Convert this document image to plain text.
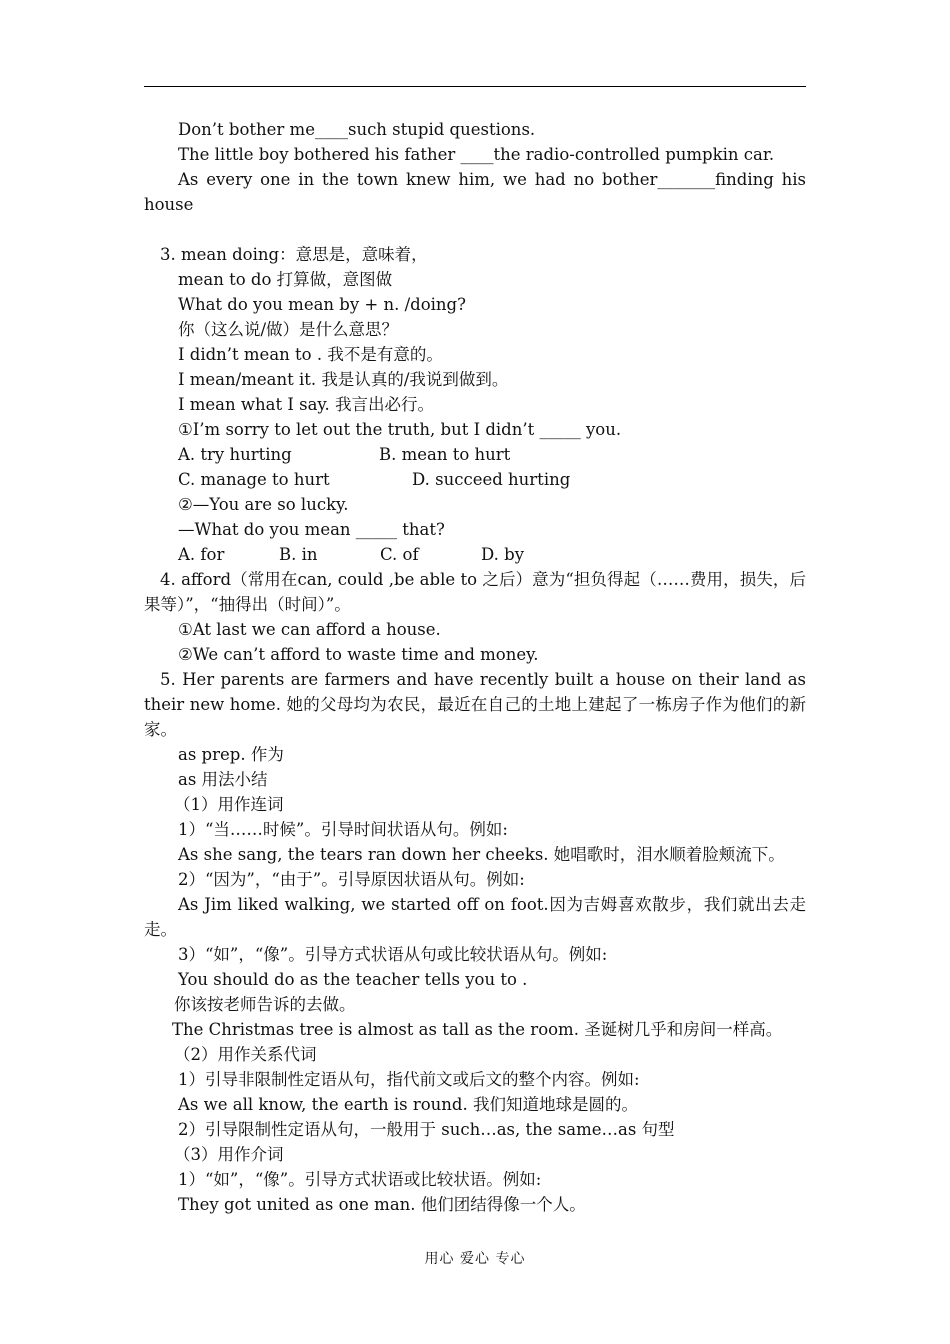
Don’t bother me____such stupid questions.

The little boy bothered his father ____the radio-controlled pumpkin car.

As every one in the town knew him, we had no bother_______finding his

house

3. mean doing：意思是，意味着，

mean to do 打算做，意图做

What do you mean by + n. /doing?

你（这么说/做）是什么意思？

I didn’t mean to . 我不是有意的。

I mean/meant it. 我是认真的/我说到做到。

I mean what I say. 我言出必行。

①I’m sorry to let out the truth, but I didn’t _____ you.

A. try hurting	B. mean to hurt

C. manage to hurt	D. succeed hurting

②—You are so lucky.

—What do you mean _____ that?

A. for	B. in	C. of	D. by

4. afford（常用在can, could ,be able to 之后）意为“担负得起（……费用，损失，后

果等）”，“抽得出（时间）”。

①At last we can afford a house.

②We can’t afford to waste time and money.

5. Her parents are farmers and have recently built a house on their land as

their new home. 她的父母均为农民，最近在自己的土地上建起了一栋房子作为他们的新

家。

as prep. 作为

as 用法小结

（1）用作连词

1）“当……时候”。引导时间状语从句。例如:

As she sang, the tears ran down her cheeks. 她唱歌时，泪水顺着脸颊流下。

2）“因为”，“由于”。引导原因状语从句。例如:

As Jim liked walking, we started off on foot.因为吉姆喜欢散步，我们就出去走

走。

3）“如”，“像”。引导方式状语从句或比较状语从句。例如:

You should do as the teacher tells you to .

你该按老师告诉的去做。

The Christmas tree is almost as tall as the room. 圣诞树几乎和房间一样高。

（2）用作关系代词

1）引导非限制性定语从句，指代前文或后文的整个内容。例如:

As we all know, the earth is round. 我们知道地球是圆的。

2）引导限制性定语从句，一般用于 such…as, the same…as 句型

（3）用作介词

1）“如”，“像”。引导方式状语或比较状语。例如:

They got united as one man. 他们团结得像一个人。

用心 爱心 专心
